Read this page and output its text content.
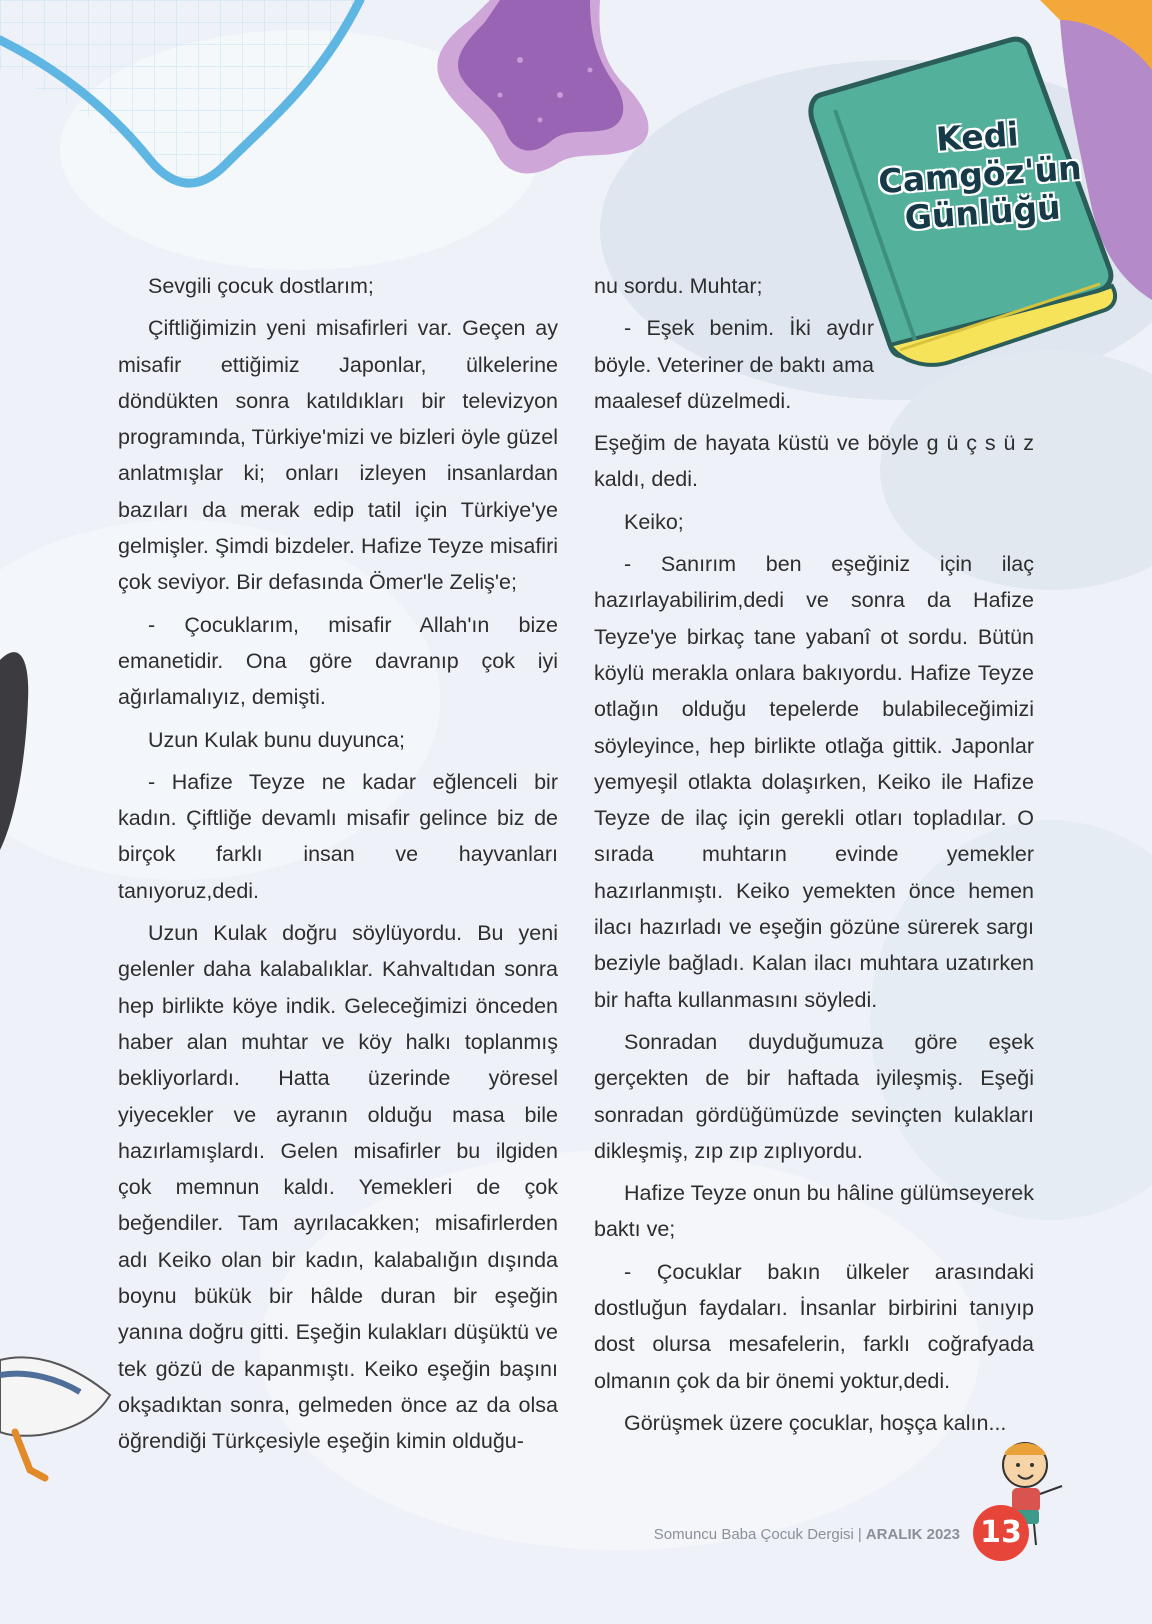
Kedi
Camgöz'ün
Günlüğü

Sevgili çocuk dostlarım;

Çiftliğimizin yeni misafirleri var. Geçen ay misafir ettiğimiz Japonlar, ülkelerine döndükten sonra katıldıkları bir televizyon programında, Türkiye'mizi ve bizleri öyle güzel anlatmışlar ki; onları izleyen insanlardan bazıları da merak edip tatil için Türkiye'ye gelmişler. Şimdi bizdeler. Hafize Teyze misafiri çok seviyor. Bir defasında Ömer'le Zeliş'e;

- Çocuklarım, misafir Allah'ın bize emanetidir. Ona göre davranıp çok iyi ağırlamalıyız, demişti.

Uzun Kulak bunu duyunca;

- Hafize Teyze ne kadar eğlenceli bir kadın. Çiftliğe devamlı misafir gelince biz de birçok farklı insan ve hayvanları tanıyoruz,dedi.

Uzun Kulak doğru söylüyordu. Bu yeni gelenler daha kalabalıklar. Kahvaltıdan sonra hep birlikte köye indik. Geleceğimizi önceden haber alan muhtar ve köy halkı toplanmış bekliyorlardı. Hatta üzerinde yöresel yiyecekler ve ayranın olduğu masa bile hazırlamışlardı. Gelen misafirler bu ilgiden çok memnun kaldı. Yemekleri de çok beğendiler. Tam ayrılacakken; misafirlerden adı Keiko olan bir kadın, kalabalığın dışında boynu bükük bir hâlde duran bir eşeğin yanına doğru gitti. Eşeğin kulakları düşüktü ve tek gözü de kapanmıştı. Keiko eşeğin başını okşadıktan sonra, gelmeden önce az da olsa öğrendiği Türkçesiyle eşeğin kimin olduğu-

nu sordu. Muhtar;

- Eşek benim. İki aydır böyle. Veteriner de baktı ama maalesef düzelmedi.

Eşeğim de hayata küstü ve böyle g ü ç s ü z kaldı, dedi.

Keiko;

- Sanırım ben eşeğiniz için ilaç hazırlayabilirim,dedi ve sonra da Hafize Teyze'ye birkaç tane yabanî ot sordu. Bütün köylü merakla onlara bakıyordu. Hafize Teyze otlağın olduğu tepelerde bulabileceğimizi söyleyince, hep birlikte otlağa gittik. Japonlar yemyeşil otlakta dolaşırken, Keiko ile Hafize Teyze de ilaç için gerekli otları topladılar. O sırada muhtarın evinde yemekler hazırlanmıştı. Keiko yemekten önce hemen ilacı hazırladı ve eşeğin gözüne sürerek sargı beziyle bağladı. Kalan ilacı muhtara uzatırken bir hafta kullanmasını söyledi.

Sonradan duyduğumuza göre eşek gerçekten de bir haftada iyileşmiş. Eşeği sonradan gördüğümüzde sevinçten kulakları dikleşmiş, zıp zıp zıplıyordu.

Hafize Teyze onun bu hâline gülümseyerek baktı ve;

- Çocuklar bakın ülkeler arasındaki dostluğun faydaları. İnsanlar birbirini tanıyıp dost olursa mesafelerin, farklı coğrafyada olmanın çok da bir önemi yoktur,dedi.

Görüşmek üzere çocuklar, hoşça kalın...

Somuncu Baba Çocuk Dergisi | ARALIK 2023 13
